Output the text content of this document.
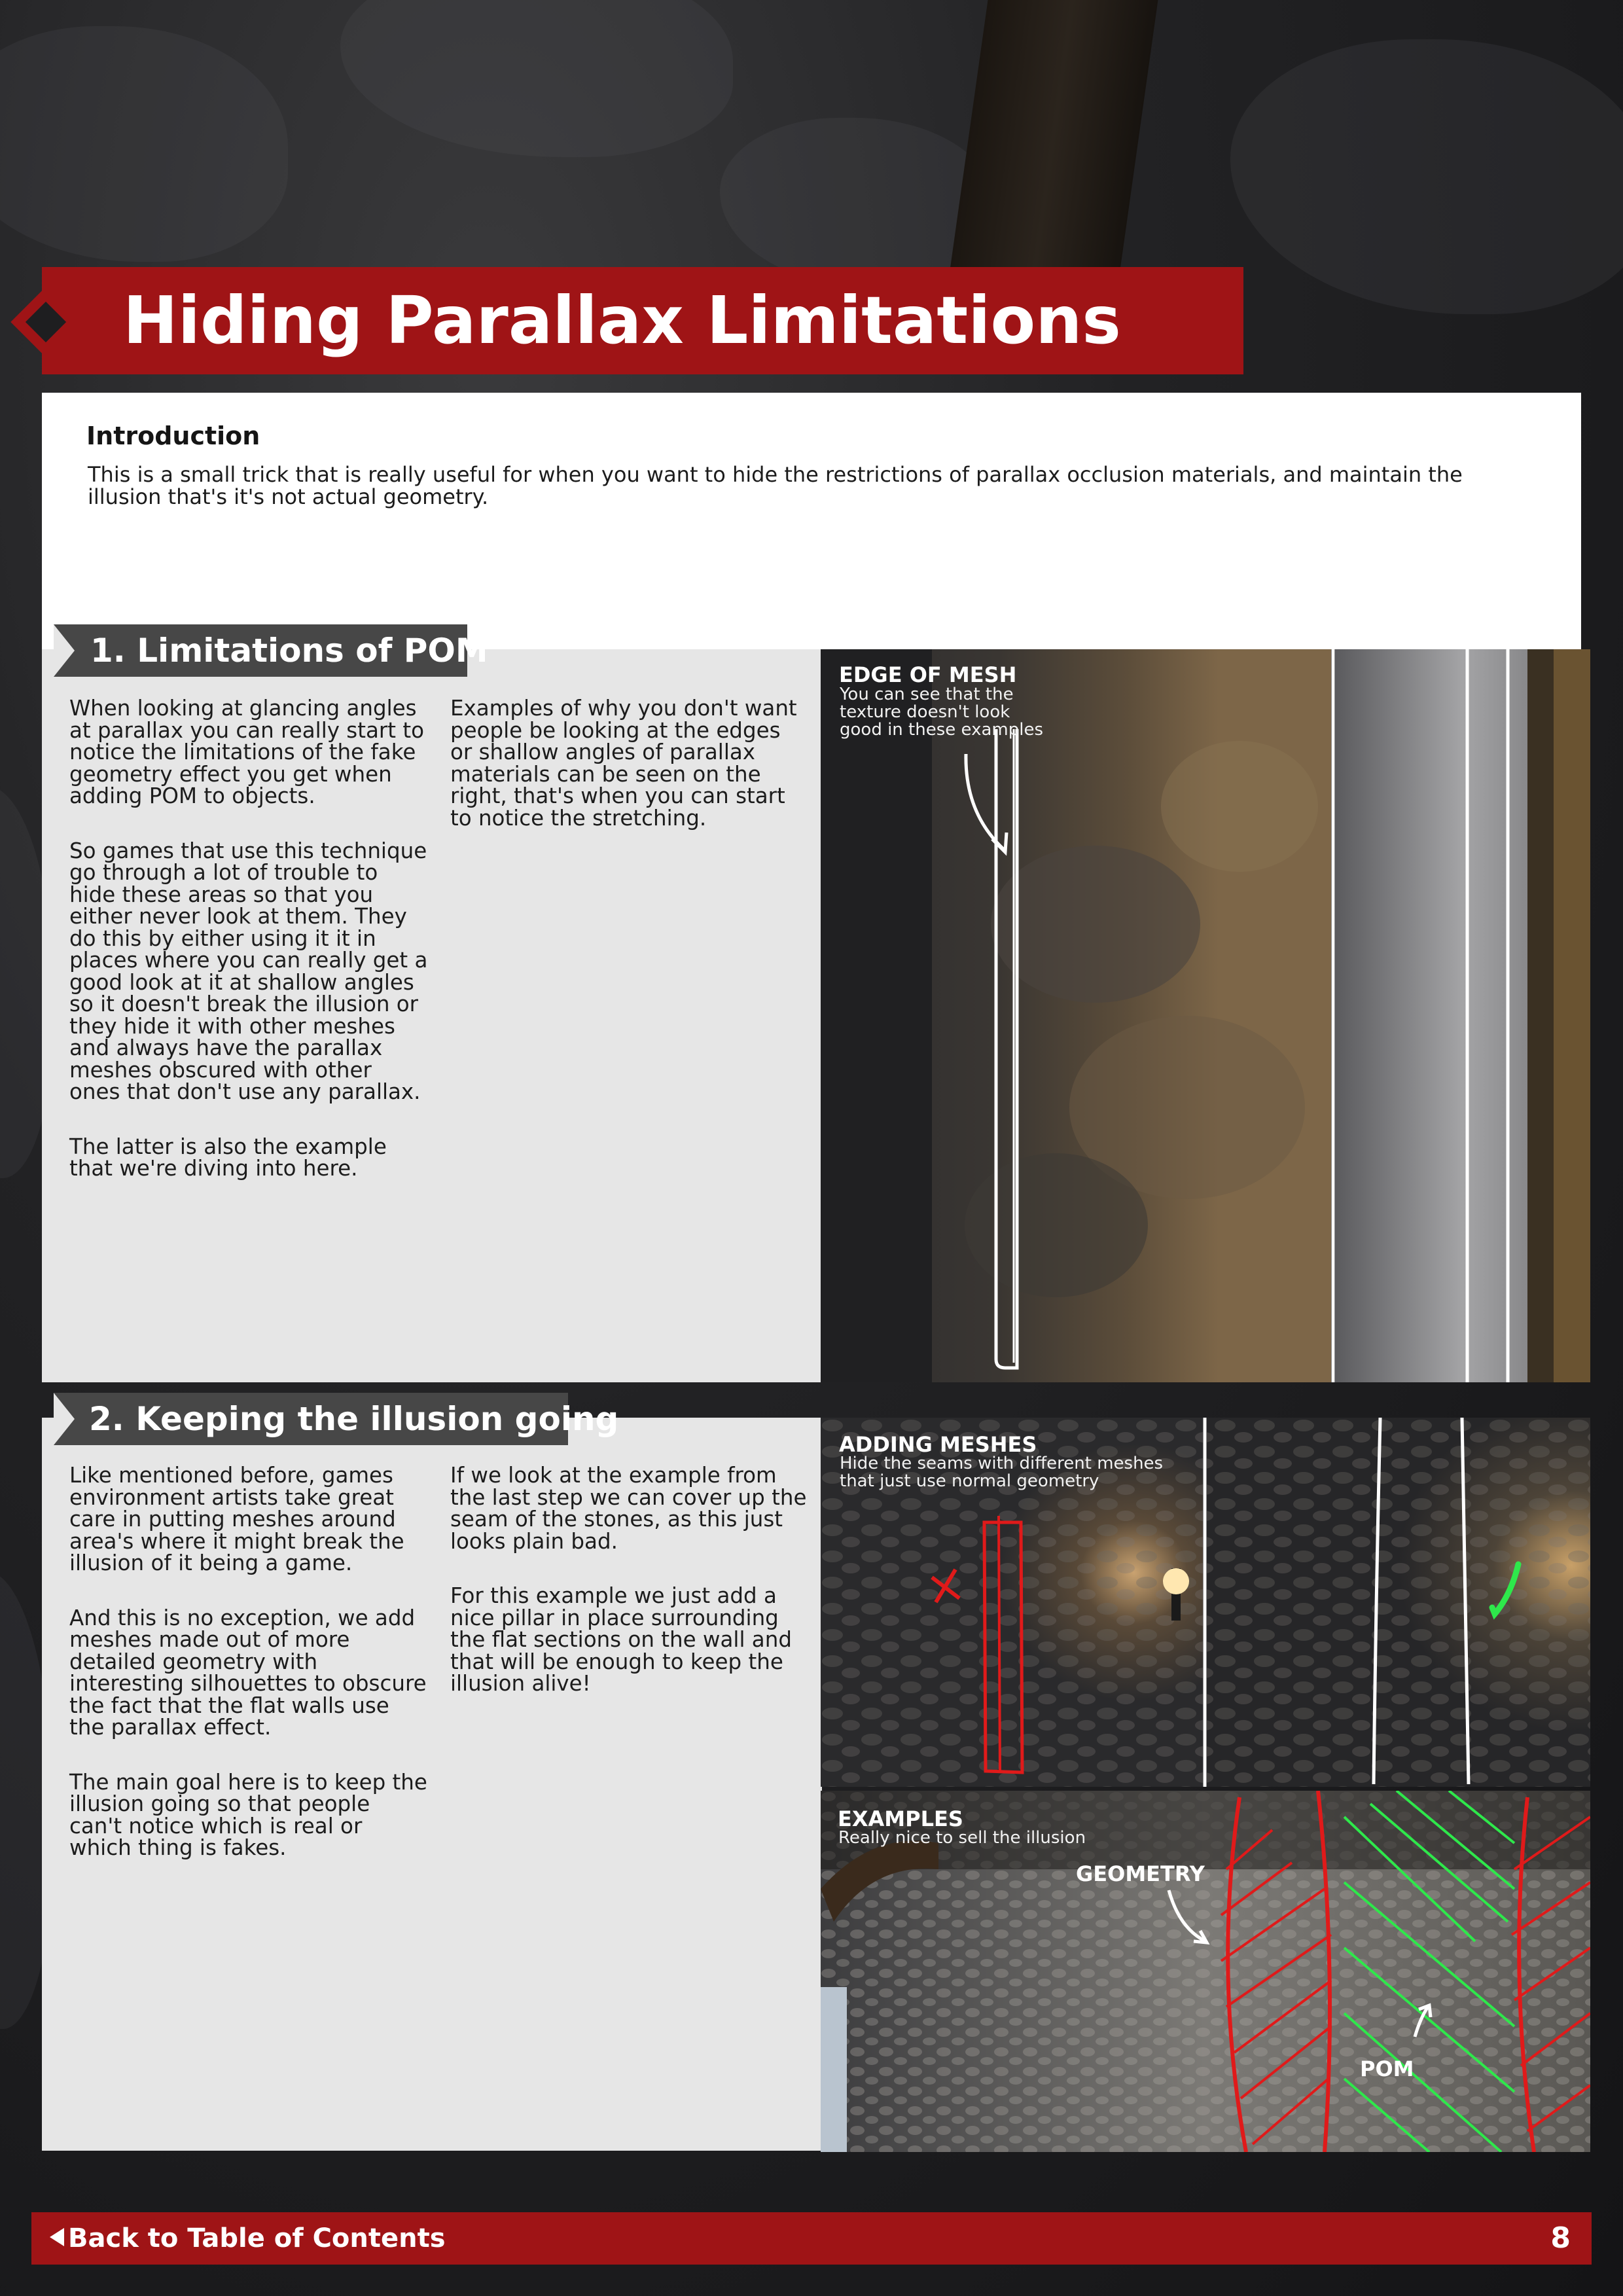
Hiding Parallax Limitations
Introduction
This is a small trick that is really useful for when you want to hide the restrictions of parallax occlusion materials, and maintain the illusion that's it's not actual geometry.
1. Limitations of POM

When looking at glancing angles at parallax you can really start to notice the limitations of the fake geometry effect you get when adding POM to objects.

So games that use this technique go through a lot of trouble to hide these areas so that you either never look at them. They do this by either using it it in places where you can really get a good look at it at shallow angles so it doesn't break the illusion or they hide it with other meshes and always have the parallax meshes obscured with other ones that don't use any parallax.

The latter is also the example that we're diving into here.

Examples of why you don't want people be looking at the edges or shallow angles of parallax materials can be seen on the right, that's when you can start to notice the stretching.

EDGE OF MESH
You can see that the texture doesn't look good in these examples
2. Keeping the illusion going

Like mentioned before, games environment artists take great care in putting meshes around area's where it might break the illusion of it being a game.

And this is no exception, we add meshes made out of more detailed geometry with interesting silhouettes to obscure the fact that the flat walls use the parallax effect.

The main goal here is to keep the illusion going so that people can't notice which is real or which thing is fakes.

If we look at the example from the last step we can cover up the seam of the stones, as this just looks plain bad.

For this example we just add a nice pillar in place surrounding the flat sections on the wall and that will be enough to keep the illusion alive!

ADDING MESHES
Hide the seams with different meshes that just use normal geometry
EXAMPLES
Really nice to sell the illusion
GEOMETRY
POM
Back to Table of Contents	8
